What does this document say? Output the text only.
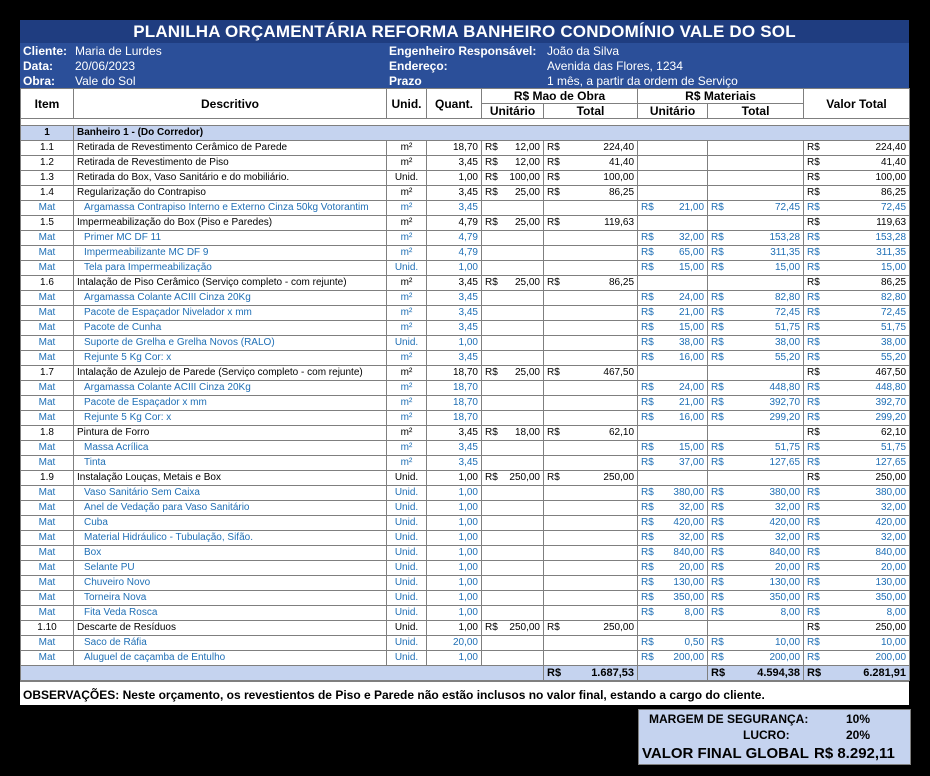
PLANILHA ORÇAMENTÁRIA REFORMA BANHEIRO CONDOMÍNIO VALE DO SOL
Cliente: Maria de Lurdes	Engenheiro Responsável: João da Silva
Data: 20/06/2023	Endereço:	Avenida das Flores, 1234
Obra: Vale do Sol	Prazo	1 mês, a partir da ordem de Serviço
Item	Descritivo	Unid.	Quant.	R$ Mao de Obra		R$ Materiais		Valor Total
				Unitário	Total	Unitário	Total	

1	Banheiro 1 - (Do Corredor)							
1.1	Retirada de Revestimento Cerâmico de Parede	m²	18,70	R$ 12,00	R$ 224,40			R$ 224,40
1.2	Retirada de Revestimento de Piso	m²	3,45	R$ 12,00	R$ 41,40			R$ 41,40
1.3	Retirada do Box, Vaso Sanitário e do mobiliário.	Unid.	1,00	R$ 100,00	R$ 100,00			R$ 100,00
1.4	Regularização do Contrapiso	m²	3,45	R$ 25,00	R$ 86,25			R$ 86,25
Mat	Argamassa Contrapiso Interno e Externo Cinza 50kg Votorantim	m²	3,45			R$ 21,00	R$ 72,45	R$ 72,45
1.5	Impermeabilização do Box (Piso e Paredes)	m²	4,79	R$ 25,00	R$ 119,63			R$ 119,63
Mat	Primer MC DF 11	m²	4,79			R$ 32,00	R$ 153,28	R$ 153,28
Mat	Impermeabilizante MC DF 9	m²	4,79			R$ 65,00	R$ 311,35	R$ 311,35
Mat	Tela para Impermeabilização	Unid.	1,00			R$ 15,00	R$ 15,00	R$ 15,00
1.6	Intalação de Piso Cerâmico (Serviço completo - com rejunte)	m²	3,45	R$ 25,00	R$ 86,25			R$ 86,25
Mat	Argamassa Colante ACIII Cinza 20Kg	m²	3,45			R$ 24,00	R$ 82,80	R$ 82,80
Mat	Pacote de Espaçador Nivelador x mm	m²	3,45			R$ 21,00	R$ 72,45	R$ 72,45
Mat	Pacote de Cunha	m²	3,45			R$ 15,00	R$ 51,75	R$ 51,75
Mat	Suporte de Grelha e Grelha Novos (RALO)	Unid.	1,00			R$ 38,00	R$ 38,00	R$ 38,00
Mat	Rejunte 5 Kg Cor: x	m²	3,45			R$ 16,00	R$ 55,20	R$ 55,20
1.7	Intalação de Azulejo de Parede (Serviço completo - com rejunte)	m²	18,70	R$ 25,00	R$ 467,50			R$ 467,50
Mat	Argamassa Colante ACIII Cinza 20Kg	m²	18,70			R$ 24,00	R$ 448,80	R$ 448,80
Mat	Pacote de Espaçador x mm	m²	18,70			R$ 21,00	R$ 392,70	R$ 392,70
Mat	Rejunte 5 Kg Cor: x	m²	18,70			R$ 16,00	R$ 299,20	R$ 299,20
1.8	Pintura de Forro	m²	3,45	R$ 18,00	R$ 62,10			R$ 62,10
Mat	Massa Acrílica	m²	3,45			R$ 15,00	R$ 51,75	R$ 51,75
Mat	Tinta	m²	3,45			R$ 37,00	R$ 127,65	R$ 127,65
1.9	Instalação Louças, Metais e Box	Unid.	1,00	R$ 250,00	R$ 250,00			R$ 250,00
Mat	Vaso Sanitário Sem Caixa	Unid.	1,00			R$ 380,00	R$ 380,00	R$ 380,00
Mat	Anel de Vedação para Vaso Sanitário	Unid.	1,00			R$ 32,00	R$ 32,00	R$ 32,00
Mat	Cuba	Unid.	1,00			R$ 420,00	R$ 420,00	R$ 420,00
Mat	Material Hidráulico - Tubulação, Sifão.	Unid.	1,00			R$ 32,00	R$ 32,00	R$ 32,00
Mat	Box	Unid.	1,00			R$ 840,00	R$ 840,00	R$ 840,00
Mat	Selante PU	Unid.	1,00			R$ 20,00	R$ 20,00	R$ 20,00
Mat	Chuveiro Novo	Unid.	1,00			R$ 130,00	R$ 130,00	R$ 130,00
Mat	Torneira Nova	Unid.	1,00			R$ 350,00	R$ 350,00	R$ 350,00
Mat	Fita Veda Rosca	Unid.	1,00			R$ 8,00	R$ 8,00	R$ 8,00
1.10	Descarte de Resíduos	Unid.	1,00	R$ 250,00	R$ 250,00			R$ 250,00
Mat	Saco de Ráfia	Unid.	20,00			R$ 0,50	R$ 10,00	R$ 10,00
Mat	Aluguel de caçamba de Entulho	Unid.	1,00			R$ 200,00	R$ 200,00	R$ 200,00

					R$ 1.687,53		R$ 4.594,38	R$ 6.281,91
OBSERVAÇÕES: Neste orçamento, os revestientos de Piso e Parede não estão inclusos no valor final, estando a cargo do cliente.
MARGEM DE SEGURANÇA:	10%
LUCRO:	20%
VALOR FINAL GLOBAL R$ 8.292,11
